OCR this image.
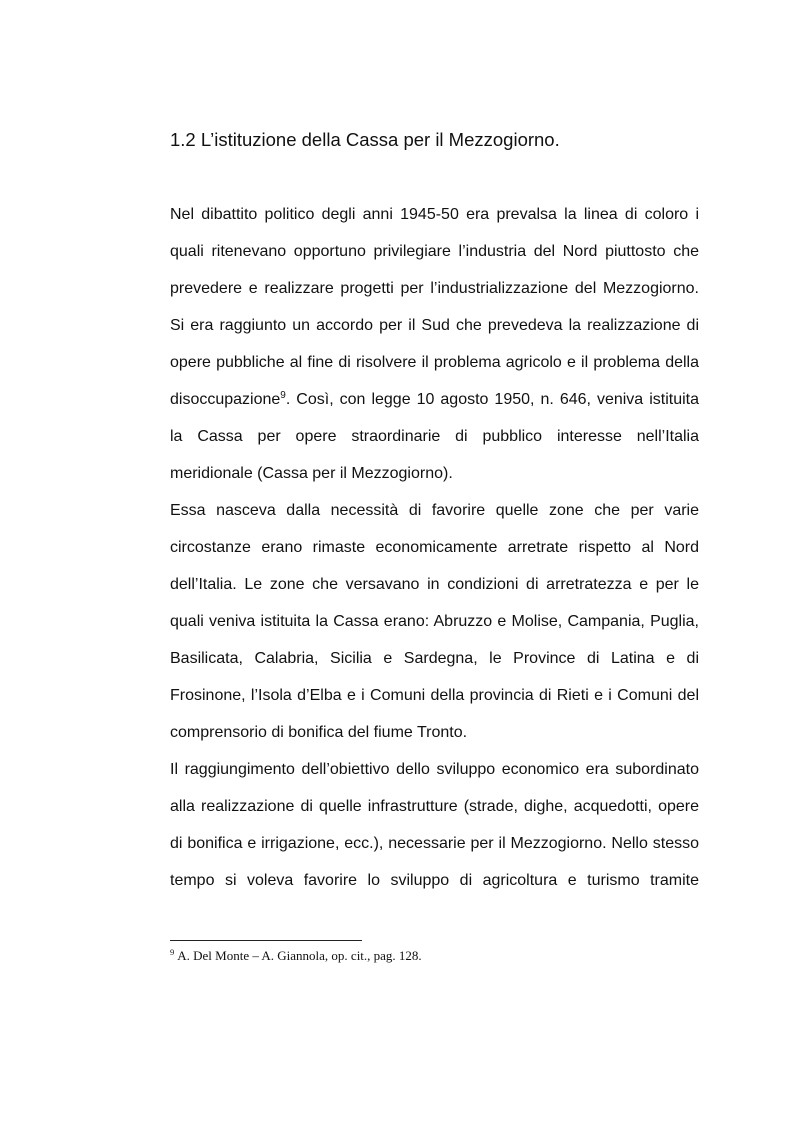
1.2 L’istituzione della Cassa per il Mezzogiorno.
Nel dibattito politico degli anni 1945-50 era prevalsa la linea di coloro i
quali ritenevano opportuno privilegiare l’industria del Nord piuttosto che
prevedere e realizzare progetti per l’industrializzazione del Mezzogiorno.
Si era raggiunto un accordo per il Sud che prevedeva la realizzazione di
opere pubbliche al fine di risolvere il problema agricolo e il problema della
disoccupazione$^9$. Così, con legge 10 agosto 1950, n. 646, veniva istituita
la Cassa per opere straordinarie di pubblico interesse nell’Italia
meridionale (Cassa per il Mezzogiorno).
Essa nasceva dalla necessità di favorire quelle zone che per varie
circostanze erano rimaste economicamente arretrate rispetto al Nord
dell’Italia. Le zone che versavano in condizioni di arretratezza e per le
quali veniva istituita la Cassa erano: Abruzzo e Molise, Campania, Puglia,
Basilicata, Calabria, Sicilia e Sardegna, le Province di Latina e di
Frosinone, l’Isola d’Elba e i Comuni della provincia di Rieti e i Comuni del
comprensorio di bonifica del fiume Tronto.
Il raggiungimento dell’obiettivo dello sviluppo economico era subordinato
alla realizzazione di quelle infrastrutture (strade, dighe, acquedotti, opere
di bonifica e irrigazione, ecc.), necessarie per il Mezzogiorno. Nello stesso
tempo si voleva favorire lo sviluppo di agricoltura e turismo tramite
$^9$ A. Del Monte – A. Giannola, op. cit., pag. 128.
